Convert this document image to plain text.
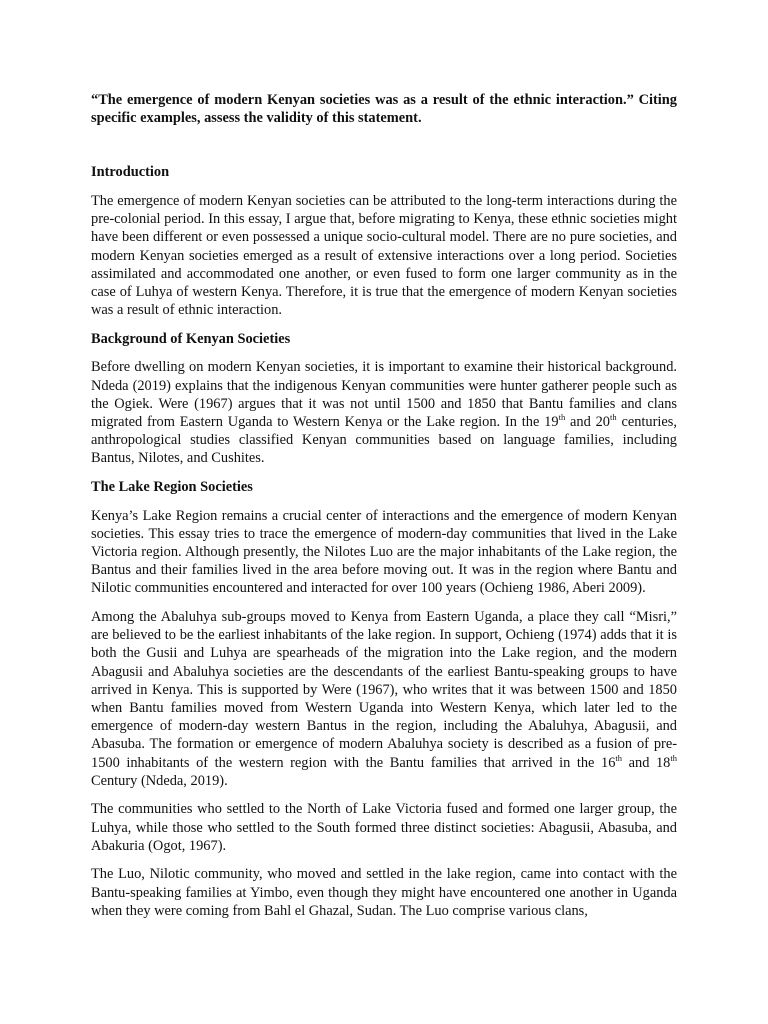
“The emergence of modern Kenyan societies was as a result of the ethnic interaction.” Citing specific examples, assess the validity of this statement.

Introduction

The emergence of modern Kenyan societies can be attributed to the long-term interactions during the pre-colonial period. In this essay, I argue that, before migrating to Kenya, these ethnic societies might have been different or even possessed a unique socio-cultural model. There are no pure societies, and modern Kenyan societies emerged as a result of extensive interactions over a long period. Societies assimilated and accommodated one another, or even fused to form one larger community as in the case of Luhya of western Kenya. Therefore, it is true that the emergence of modern Kenyan societies was a result of ethnic interaction.

Background of Kenyan Societies

Before dwelling on modern Kenyan societies, it is important to examine their historical background. Ndeda (2019) explains that the indigenous Kenyan communities were hunter gatherer people such as the Ogiek. Were (1967) argues that it was not until 1500 and 1850 that Bantu families and clans migrated from Eastern Uganda to Western Kenya or the Lake region. In the 19th and 20th centuries, anthropological studies classified Kenyan communities based on language families, including Bantus, Nilotes, and Cushites.

The Lake Region Societies

Kenya’s Lake Region remains a crucial center of interactions and the emergence of modern Kenyan societies. This essay tries to trace the emergence of modern-day communities that lived in the Lake Victoria region. Although presently, the Nilotes Luo are the major inhabitants of the Lake region, the Bantus and their families lived in the area before moving out. It was in the region where Bantu and Nilotic communities encountered and interacted for over 100 years (Ochieng 1986, Aberi 2009).

Among the Abaluhya sub-groups moved to Kenya from Eastern Uganda, a place they call “Misri,” are believed to be the earliest inhabitants of the lake region. In support, Ochieng (1974) adds that it is both the Gusii and Luhya are spearheads of the migration into the Lake region, and the modern Abagusii and Abaluhya societies are the descendants of the earliest Bantu-speaking groups to have arrived in Kenya. This is supported by Were (1967), who writes that it was between 1500 and 1850 when Bantu families moved from Western Uganda into Western Kenya, which later led to the emergence of modern-day western Bantus in the region, including the Abaluhya, Abagusii, and Abasuba. The formation or emergence of modern Abaluhya society is described as a fusion of pre-1500 inhabitants of the western region with the Bantu families that arrived in the 16th and 18th Century (Ndeda, 2019).

The communities who settled to the North of Lake Victoria fused and formed one larger group, the Luhya, while those who settled to the South formed three distinct societies: Abagusii, Abasuba, and Abakuria (Ogot, 1967).

The Luo, Nilotic community, who moved and settled in the lake region, came into contact with the Bantu-speaking families at Yimbo, even though they might have encountered one another in Uganda when they were coming from Bahl el Ghazal, Sudan. The Luo comprise various clans,
